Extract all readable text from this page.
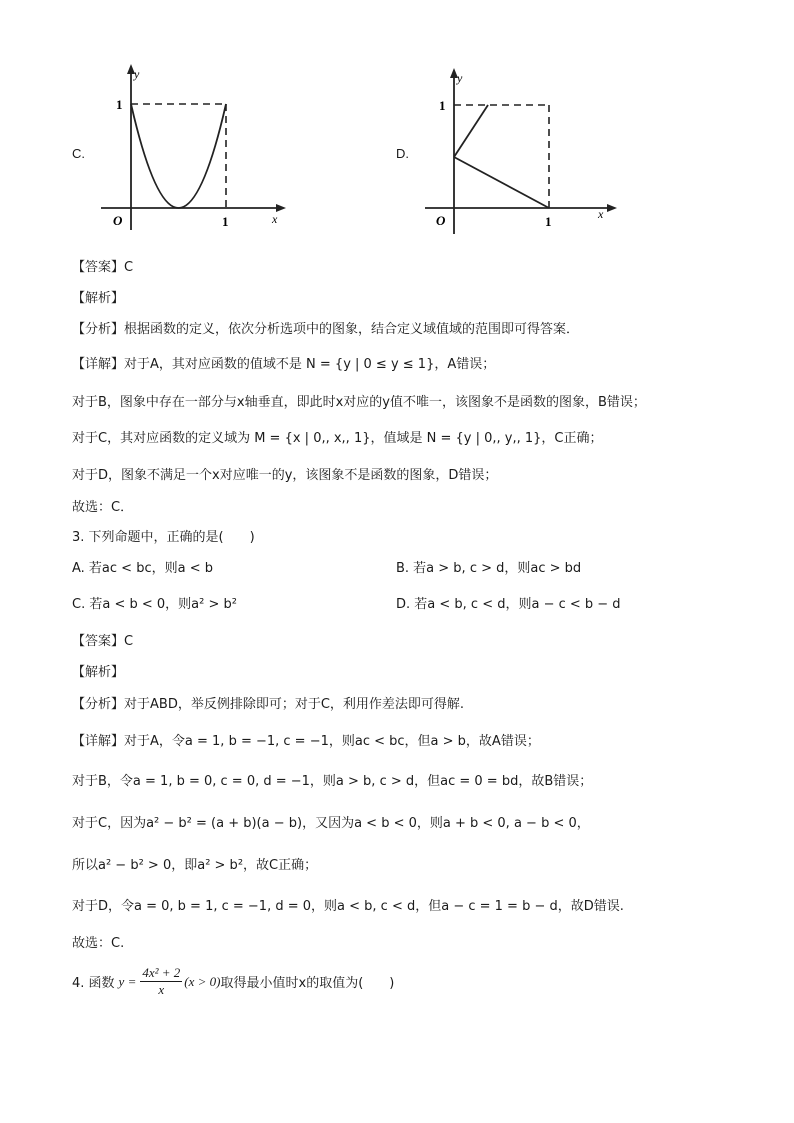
C.
y
x
O
1
1
D.
y
x
O
1
1
【答案】C
【解析】
【分析】根据函数的定义，依次分析选项中的图象，结合定义域值域的范围即可得答案．
【详解】对于A，其对应函数的值域不是 N = {y | 0 ≤ y ≤ 1}，A错误；
对于B，图象中存在一部分与x轴垂直，即此时x对应的y值不唯一，该图象不是函数的图象，B错误；
对于C，其对应函数的定义域为 M = {x | 0,, x,, 1}，值域是 N = {y | 0,, y,, 1}，C正确；
对于D，图象不满足一个x对应唯一的y，该图象不是函数的图象，D错误；
故选：C．
3. 下列命题中，正确的是(　　)
A. 若ac < bc，则a < b	B. 若a > b, c > d，则ac > bd
C. 若a < b < 0，则a² > b²	D. 若a < b, c < d，则a − c < b − d
【答案】C
【解析】
【分析】对于ABD，举反例排除即可；对于C，利用作差法即可得解.
【详解】对于A，令a = 1, b = −1, c = −1，则ac < bc，但a > b，故A错误；
对于B，令a = 1, b = 0, c = 0, d = −1，则a > b, c > d，但ac = 0 = bd，故B错误；
对于C，因为a² − b² = (a + b)(a − b)，又因为a < b < 0，则a + b < 0, a − b < 0，
所以a² − b² > 0，即a² > b²，故C正确；
对于D，令a = 0, b = 1, c = −1, d = 0，则a < b, c < d，但a − c = 1 = b − d，故D错误.
故选：C.
4. 函数 y =
4x² + 2
x
(x > 0) 取得最小值时x的取值为(　　)
